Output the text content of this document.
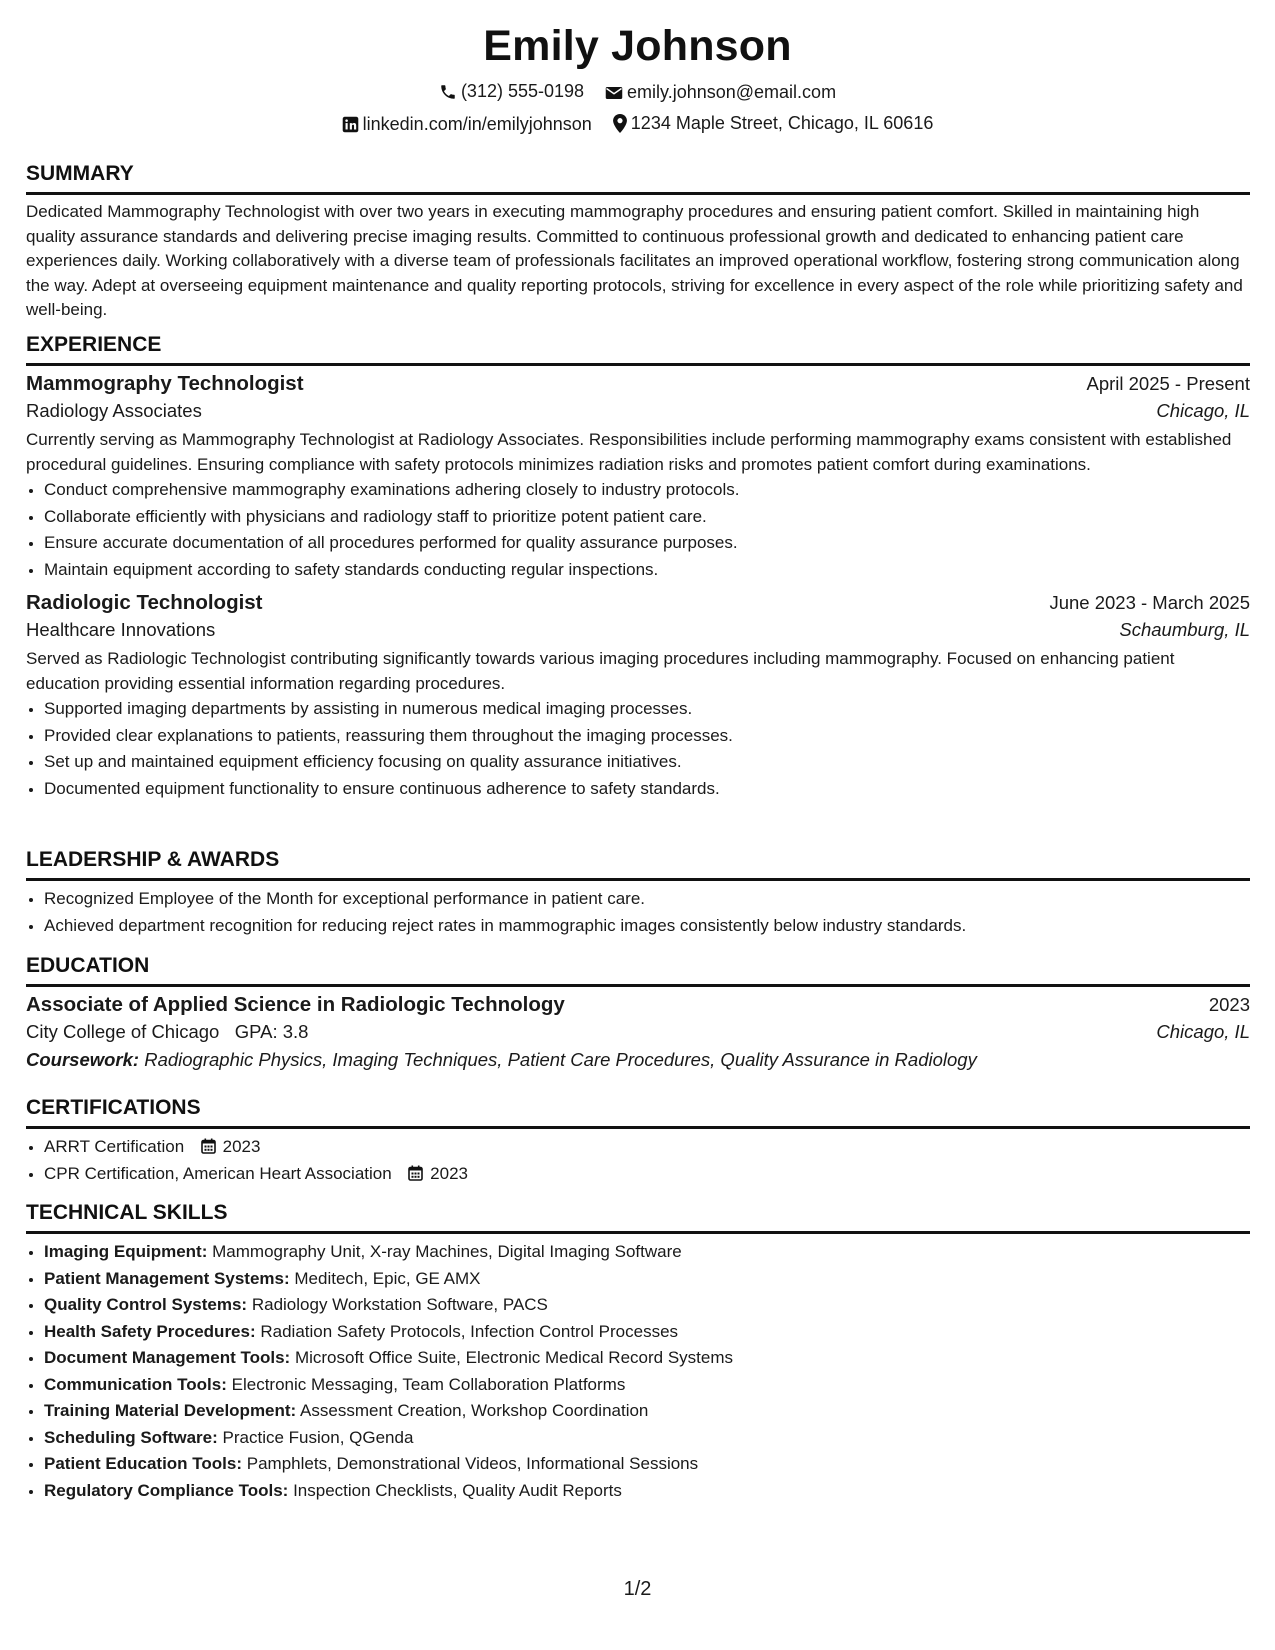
Emily Johnson
(312) 555-0198
emily.johnson@email.com
linkedin.com/in/emilyjohnson
1234 Maple Street, Chicago, IL 60616
SUMMARY
Dedicated Mammography Technologist with over two years in executing mammography procedures and ensuring patient comfort. Skilled in maintaining high quality assurance standards and delivering precise imaging results. Committed to continuous professional growth and dedicated to enhancing patient care experiences daily. Working collaboratively with a diverse team of professionals facilitates an improved operational workflow, fostering strong communication along the way. Adept at overseeing equipment maintenance and quality reporting protocols, striving for excellence in every aspect of the role while prioritizing safety and well-being.
EXPERIENCE
Mammography Technologist	April 2025 - Present
Radiology Associates	Chicago, IL
Currently serving as Mammography Technologist at Radiology Associates. Responsibilities include performing mammography exams consistent with established procedural guidelines. Ensuring compliance with safety protocols minimizes radiation risks and promotes patient comfort during examinations.
• Conduct comprehensive mammography examinations adhering closely to industry protocols.
• Collaborate efficiently with physicians and radiology staff to prioritize potent patient care.
• Ensure accurate documentation of all procedures performed for quality assurance purposes.
• Maintain equipment according to safety standards conducting regular inspections.
Radiologic Technologist	June 2023 - March 2025
Healthcare Innovations	Schaumburg, IL
Served as Radiologic Technologist contributing significantly towards various imaging procedures including mammography. Focused on enhancing patient education providing essential information regarding procedures.
• Supported imaging departments by assisting in numerous medical imaging processes.
• Provided clear explanations to patients, reassuring them throughout the imaging processes.
• Set up and maintained equipment efficiency focusing on quality assurance initiatives.
• Documented equipment functionality to ensure continuous adherence to safety standards.
LEADERSHIP & AWARDS
• Recognized Employee of the Month for exceptional performance in patient care.
• Achieved department recognition for reducing reject rates in mammographic images consistently below industry standards.
EDUCATION
Associate of Applied Science in Radiologic Technology	2023
City College of Chicago GPA: 3.8	Chicago, IL
Coursework: Radiographic Physics, Imaging Techniques, Patient Care Procedures, Quality Assurance in Radiology
CERTIFICATIONS
• ARRT Certification 2023
• CPR Certification, American Heart Association 2023
TECHNICAL SKILLS
• Imaging Equipment: Mammography Unit, X-ray Machines, Digital Imaging Software
• Patient Management Systems: Meditech, Epic, GE AMX
• Quality Control Systems: Radiology Workstation Software, PACS
• Health Safety Procedures: Radiation Safety Protocols, Infection Control Processes
• Document Management Tools: Microsoft Office Suite, Electronic Medical Record Systems
• Communication Tools: Electronic Messaging, Team Collaboration Platforms
• Training Material Development: Assessment Creation, Workshop Coordination
• Scheduling Software: Practice Fusion, QGenda
• Patient Education Tools: Pamphlets, Demonstrational Videos, Informational Sessions
• Regulatory Compliance Tools: Inspection Checklists, Quality Audit Reports
1/2
